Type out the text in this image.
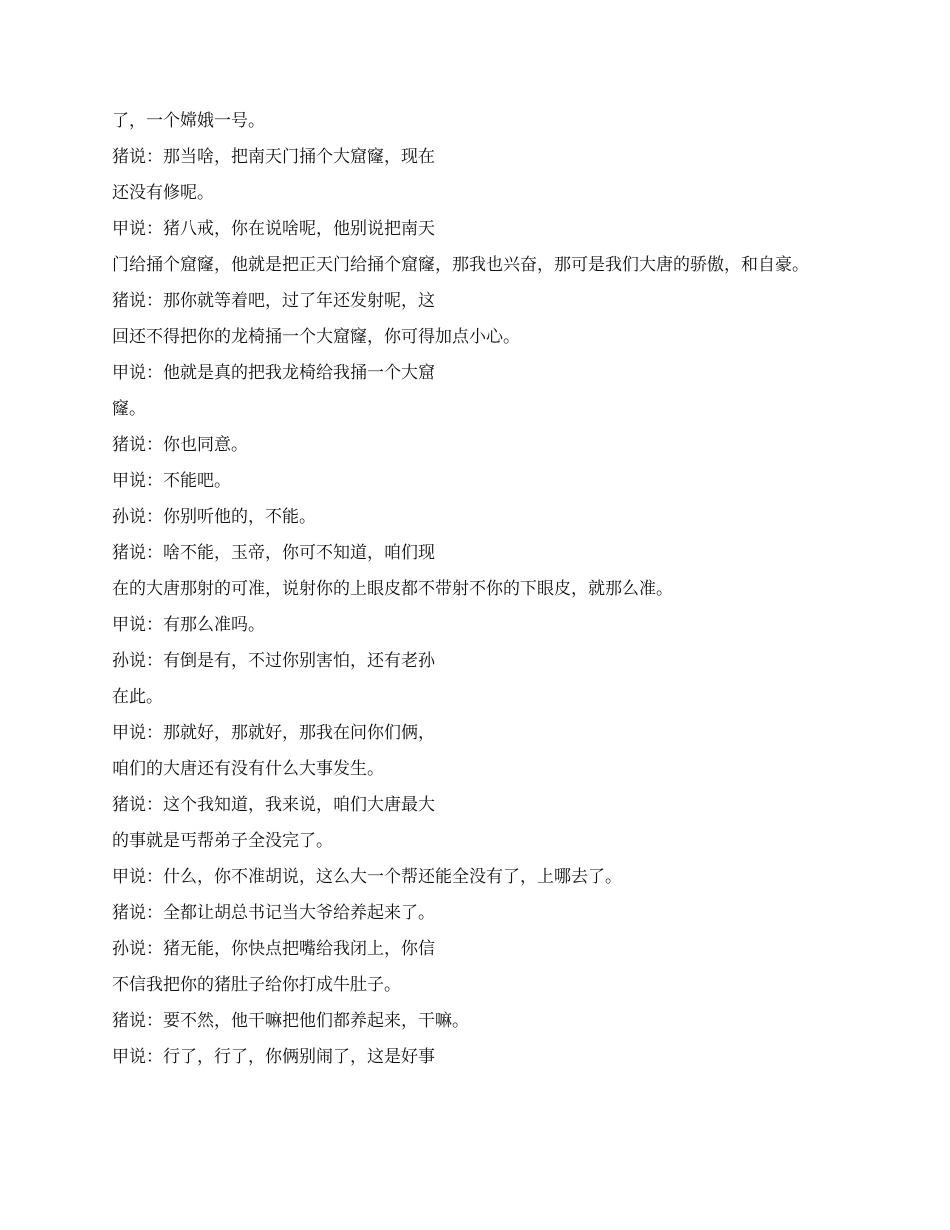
了，一个嫦娥一号。

猪说：那当啥，把南天门捅个大窟窿，现在

还没有修呢。

甲说：猪八戒，你在说啥呢，他别说把南天

门给捅个窟窿，他就是把正天门给捅个窟窿，那我也兴奋，那可是我们大唐的骄傲，和自豪。

猪说：那你就等着吧，过了年还发射呢，这

回还不得把你的龙椅捅一个大窟窿，你可得加点小心。

甲说：他就是真的把我龙椅给我捅一个大窟

窿。

猪说：你也同意。

甲说：不能吧。

孙说：你别听他的，不能。

猪说：啥不能，玉帝，你可不知道，咱们现

在的大唐那射的可准，说射你的上眼皮都不带射不你的下眼皮，就那么准。

甲说：有那么准吗。

孙说：有倒是有，不过你别害怕，还有老孙

在此。

甲说：那就好，那就好，那我在问你们俩，

咱们的大唐还有没有什么大事发生。

猪说：这个我知道，我来说，咱们大唐最大

的事就是丐帮弟子全没完了。

甲说：什么，你不准胡说，这么大一个帮还能全没有了，上哪去了。

猪说：全都让胡总书记当大爷给养起来了。

孙说：猪无能，你快点把嘴给我闭上，你信

不信我把你的猪肚子给你打成牛肚子。

猪说：要不然，他干嘛把他们都养起来，干嘛。

甲说：行了，行了，你俩别闹了，这是好事
